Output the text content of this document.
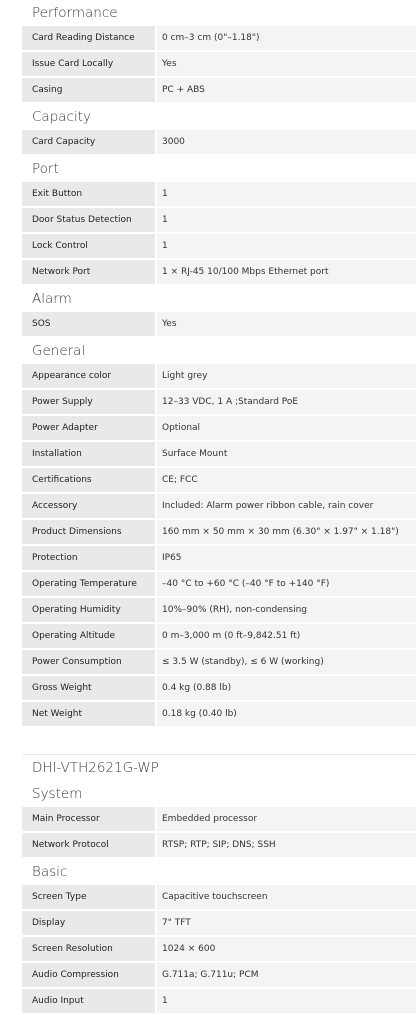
Performance
Card Reading Distance	0 cm–3 cm (0"–1.18")
Issue Card Locally	Yes
Casing	PC + ABS
Capacity
Card Capacity	3000
Port
Exit Button	1
Door Status Detection	1
Lock Control	1
Network Port	1 × RJ-45 10/100 Mbps Ethernet port
Alarm
SOS	Yes
General
Appearance color	Light grey
Power Supply	12–33 VDC, 1 A ;Standard PoE
Power Adapter	Optional
Installation	Surface Mount
Certifications	CE; FCC
Accessory	Included: Alarm power ribbon cable, rain cover
Product Dimensions	160 mm × 50 mm × 30 mm (6.30" × 1.97" × 1.18")
Protection	IP65
Operating Temperature	–40 °C to +60 °C (–40 °F to +140 °F)
Operating Humidity	10%–90% (RH), non-condensing
Operating Altitude	0 m–3,000 m (0 ft–9,842.51 ft)
Power Consumption	≤ 3.5 W (standby), ≤ 6 W (working)
Gross Weight	0.4 kg (0.88 lb)
Net Weight	0.18 kg (0.40 lb)
DHI-VTH2621G-WP
System
Main Processor	Embedded processor
Network Protocol	RTSP; RTP; SIP; DNS; SSH
Basic
Screen Type	Capacitive touchscreen
Display	7" TFT
Screen Resolution	1024 × 600
Audio Compression	G.711a; G.711u; PCM
Audio Input	1
